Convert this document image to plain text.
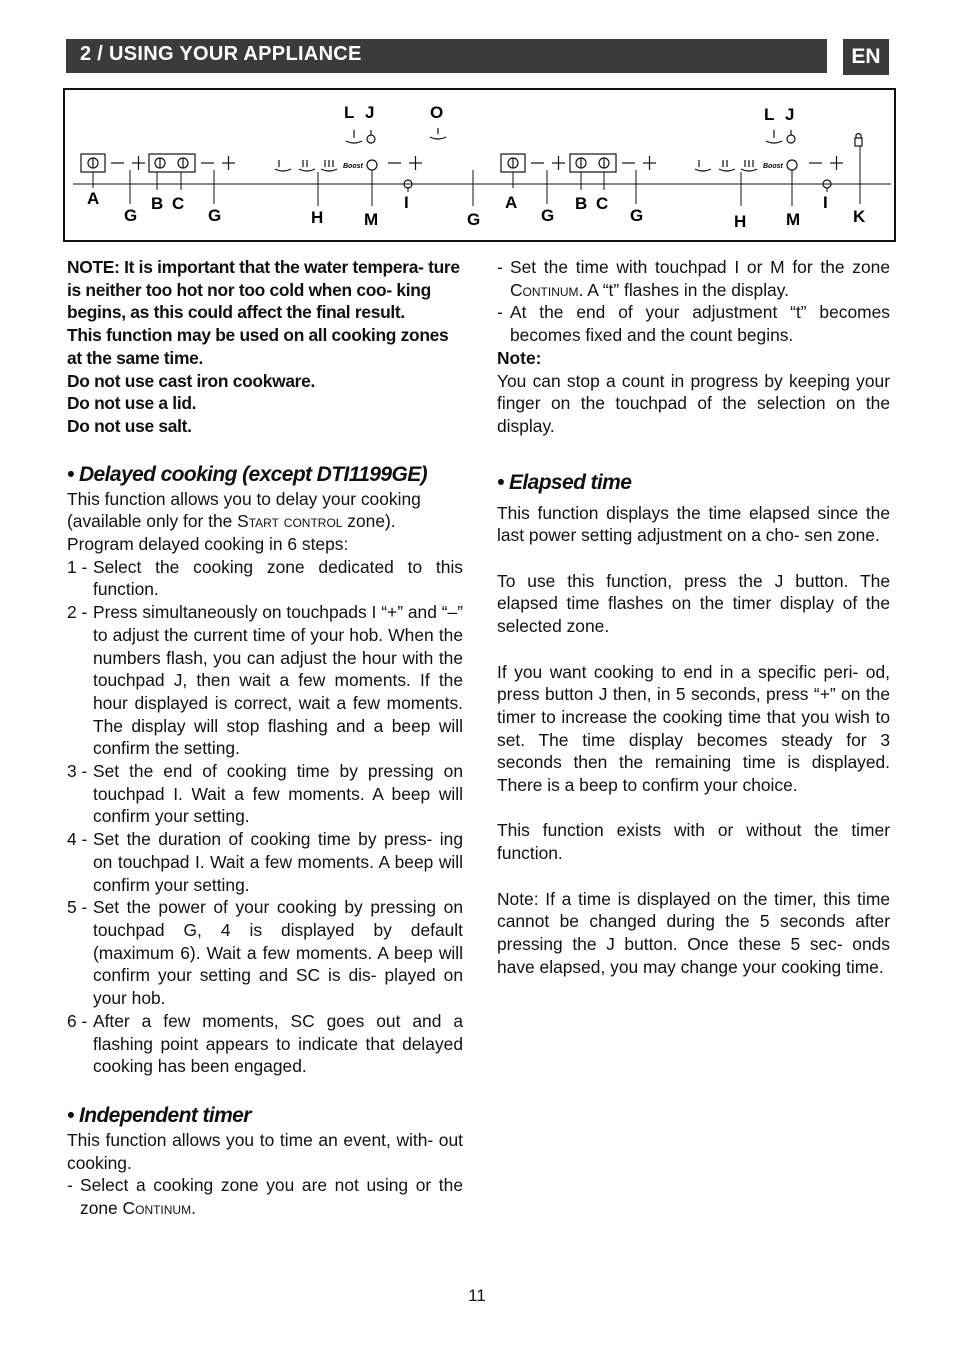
2 / USING YOUR APPLIANCE	EN
Boost	Boost
L J	O	L J
A
G
B C
G	H M
I
G
A
G
B C
G	H M
I
K

NOTE: It is important that the water tempera- ture is neither too hot nor too cold when coo- king begins, as this could affect the final result.

This function may be used on all cooking zones at the same time.

Do not use cast iron cookware.

Do not use a lid.

Do not use salt.

• Delayed cooking (except DTI1199GE)

This function allows you to delay your cooking (available only for the Start control zone).

Program delayed cooking in 6 steps:

1 - Select the cooking zone dedicated to this function.
2 - Press simultaneously on touchpads I “+” and “–” to adjust the current time of your hob. When the numbers flash, you can adjust the hour with the touchpad J, then wait a few moments. If the hour displayed is correct, wait a few moments. The display will stop flashing and a beep will confirm the setting.
3 - Set the end of cooking time by pressing on touchpad I. Wait a few moments. A beep will confirm your setting.
4 - Set the duration of cooking time by press- ing on touchpad I. Wait a few moments. A beep will confirm your setting.
5 - Set the power of your cooking by pressing on touchpad G, 4 is displayed by default (maximum 6). Wait a few moments. A beep will confirm your setting and SC is dis- played on your hob.
6 - After a few moments, SC goes out and a flashing point appears to indicate that delayed cooking has been engaged.
• Independent timer

This function allows you to time an event, with- out cooking.

- Select a cooking zone you are not using or the zone Continum.
- Set the time with touchpad I or M for the zone Continum. A “t” flashes in the display.
- At the end of your adjustment “t” becomes becomes fixed and the count begins.

Note:

You can stop a count in progress by keeping your finger on the touchpad of the selection on the display.

• Elapsed time

This function displays the time elapsed since the last power setting adjustment on a cho- sen zone.

To use this function, press the J button. The elapsed time flashes on the timer display of the selected zone.

If you want cooking to end in a specific peri- od, press button J then, in 5 seconds, press “+” on the timer to increase the cooking time that you wish to set. The time display becomes steady for 3 seconds then the remaining time is displayed. There is a beep to confirm your choice.

This function exists with or without the timer function.

Note: If a time is displayed on the timer, this time cannot be changed during the 5 seconds after pressing the J button. Once these 5 sec- onds have elapsed, you may change your cooking time.

11
